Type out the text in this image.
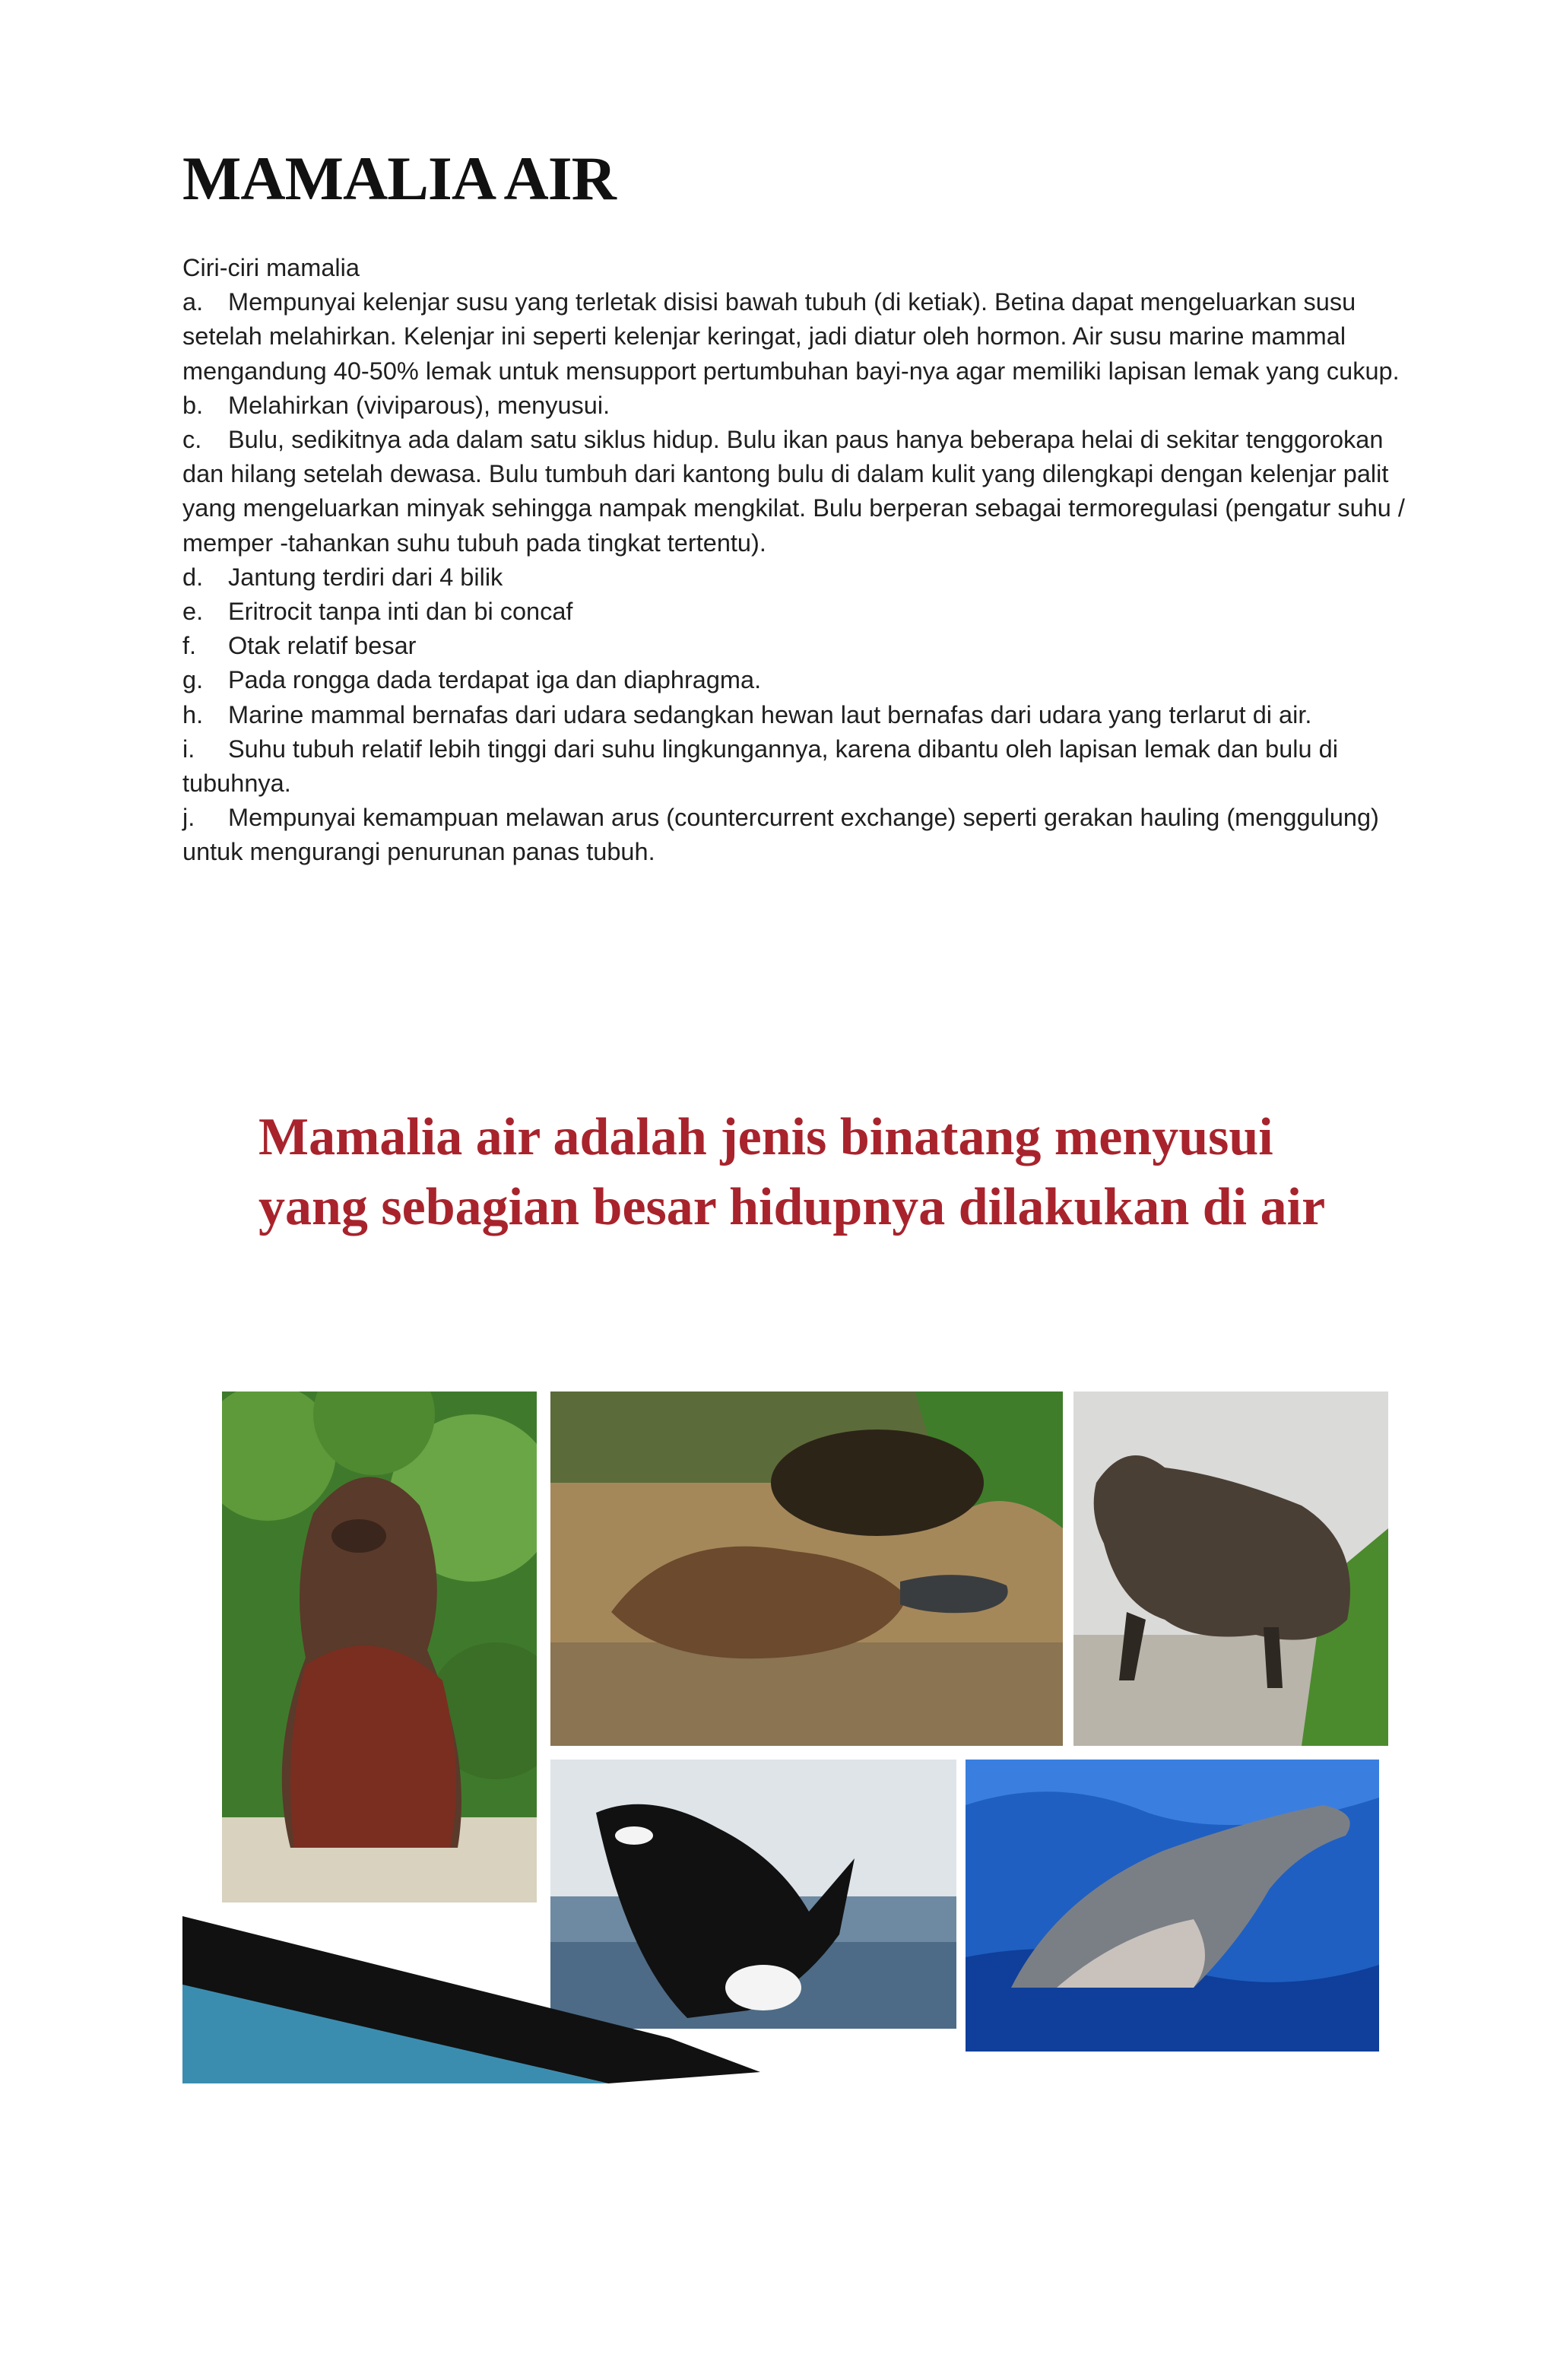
MAMALIA AIR

Ciri-ciri mamalia

a. Mempunyai kelenjar susu yang terletak disisi bawah tubuh (di ketiak). Betina dapat mengeluarkan susu setelah melahirkan. Kelenjar ini seperti kelenjar keringat, jadi diatur oleh hormon. Air susu marine mammal mengandung 40-50% lemak untuk mensupport pertumbuhan bayi-nya agar memiliki lapisan lemak yang cukup.

b. Melahirkan (viviparous), menyusui.

c. Bulu, sedikitnya ada dalam satu siklus hidup. Bulu ikan paus hanya beberapa helai di sekitar tenggorokan dan hilang setelah dewasa. Bulu tumbuh dari kantong bulu di dalam kulit yang dilengkapi dengan kelenjar palit yang mengeluarkan minyak sehingga nampak mengkilat. Bulu berperan sebagai termoregulasi (pengatur suhu / memper -tahankan suhu tubuh pada tingkat tertentu).

d. Jantung terdiri dari 4 bilik

e. Eritrocit tanpa inti dan bi concaf

f. Otak relatif besar

g. Pada rongga dada terdapat iga dan diaphragma.

h. Marine mammal bernafas dari udara sedangkan hewan laut bernafas dari udara yang terlarut di air.

i. Suhu tubuh relatif lebih tinggi dari suhu lingkungannya, karena dibantu oleh lapisan lemak dan bulu di tubuhnya.

j. Mempunyai kemampuan melawan arus (countercurrent exchange) seperti gerakan hauling (menggulung) untuk mengurangi penurunan panas tubuh.

Mamalia air adalah jenis binatang menyusui yang sebagian besar hidupnya dilakukan di air
